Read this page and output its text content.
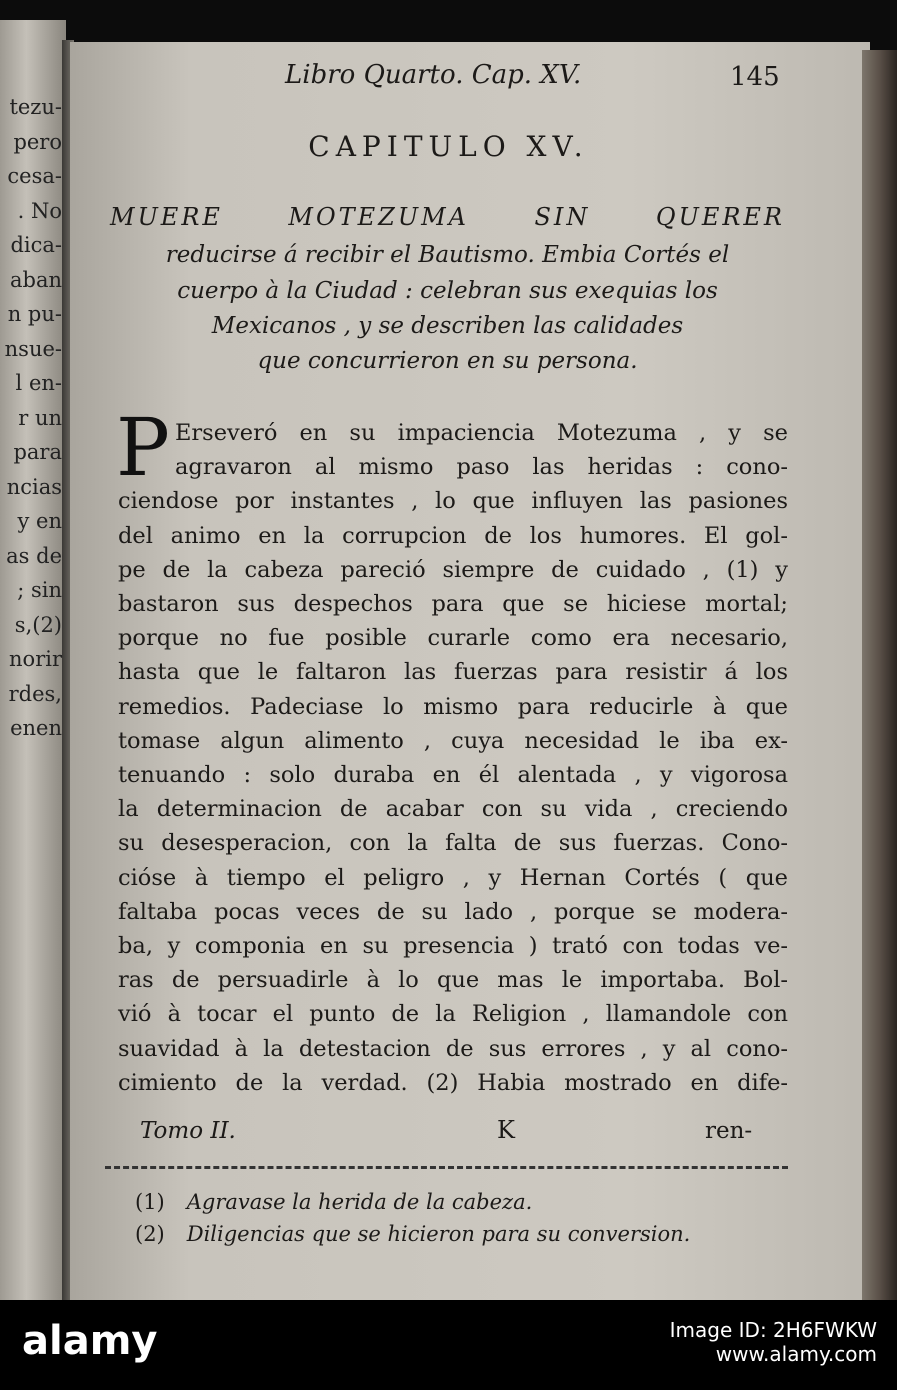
tezu-
pero
cesa-
. No
dica-
aban
n pu-
nsue-
l en-
r un
para
ncias
y en
as de
; sin
s,(2)
norir
rdes,
enen
Libro Quarto. Cap. XV.	145
CAPITULO XV.
MUERE MOTEZUMA SIN QUERER
reducirse á recibir el Bautismo. Embia Cortés el
cuerpo à la Ciudad : celebran sus exequias los
Mexicanos , y se describen las calidades
que concurrieron en su persona.
P Erseveró en su impaciencia Motezuma , y se
agravaron al mismo paso las heridas : cono-
ciendose por instantes , lo que influyen las pasiones
del animo en la corrupcion de los humores. El gol-
pe de la cabeza pareció siempre de cuidado , (1) y
bastaron sus despechos para que se hiciese mortal;
porque no fue posible curarle como era necesario,
hasta que le faltaron las fuerzas para resistir á los
remedios. Padeciase lo mismo para reducirle à que
tomase algun alimento , cuya necesidad le iba ex-
tenuando : solo duraba en él alentada , y vigorosa
la determinacion de acabar con su vida , creciendo
su desesperacion, con la falta de sus fuerzas. Cono-
cióse à tiempo el peligro , y Hernan Cortés ( que
faltaba pocas veces de su lado , porque se modera-
ba, y componia en su presencia ) trató con todas ve-
ras de persuadirle à lo que mas le importaba. Bol-
vió à tocar el punto de la Religion , llamandole con
suavidad à la detestacion de sus errores , y al cono-
cimiento de la verdad. (2) Habia mostrado en dife-
Tomo II.	K	ren-
(1) Agravase la herida de la cabeza.
(2) Diligencias que se hicieron para su conversion.
alamy	Image ID: 2H6FWKW
www.alamy.com
